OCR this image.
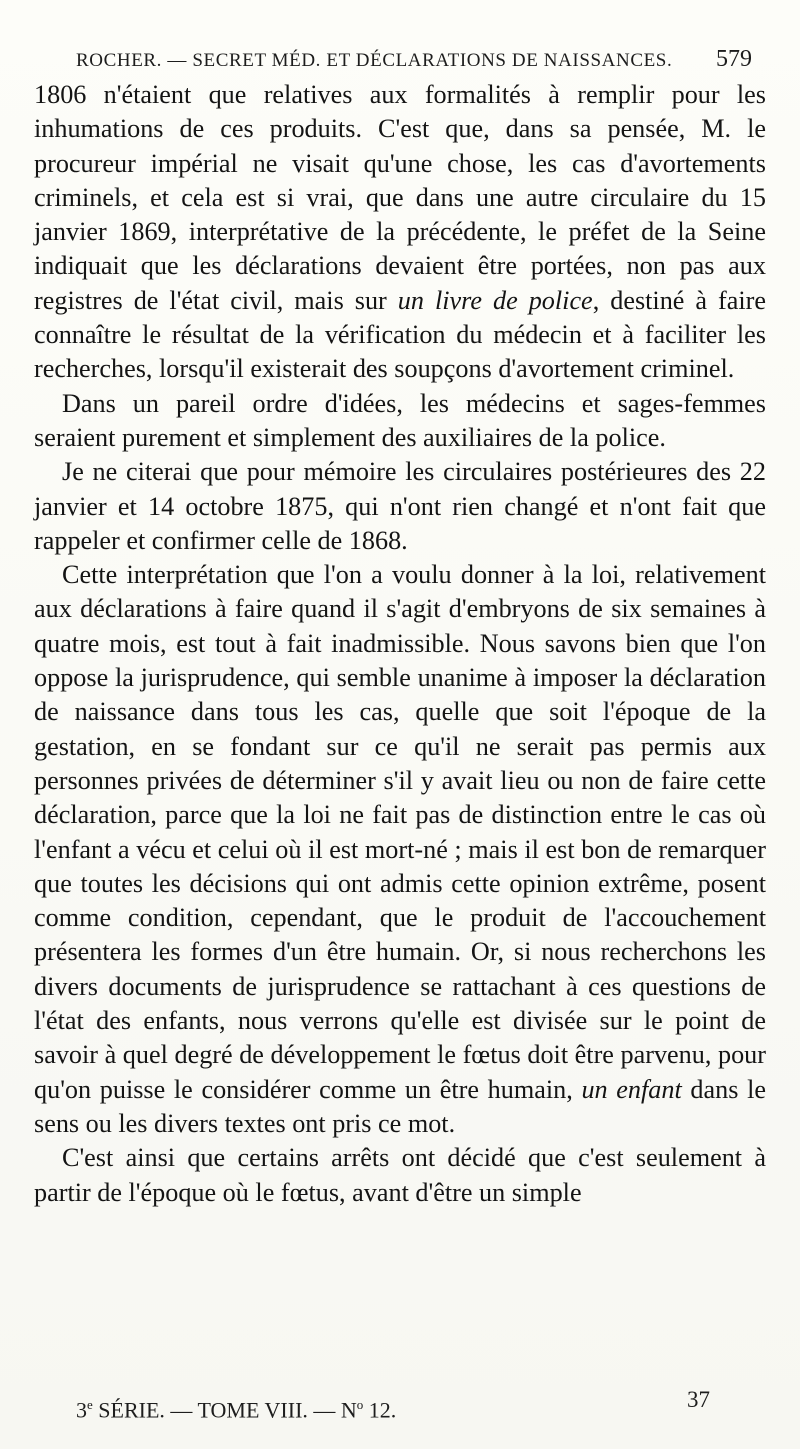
ROCHER. — SECRET MÉD. ET DÉCLARATIONS DE NAISSANCES. 579

1806 n'étaient que relatives aux formalités à remplir pour les inhumations de ces produits. C'est que, dans sa pensée, M. le procureur impérial ne visait qu'une chose, les cas d'avortements criminels, et cela est si vrai, que dans une autre circulaire du 15 janvier 1869, interprétative de la précédente, le préfet de la Seine indiquait que les déclarations devaient être portées, non pas aux registres de l'état civil, mais sur un livre de police, destiné à faire connaître le résultat de la vérification du médecin et à faciliter les recherches, lorsqu'il existerait des soupçons d'avortement criminel.

Dans un pareil ordre d'idées, les médecins et sages-femmes seraient purement et simplement des auxiliaires de la police.

Je ne citerai que pour mémoire les circulaires postérieures des 22 janvier et 14 octobre 1875, qui n'ont rien changé et n'ont fait que rappeler et confirmer celle de 1868.

Cette interprétation que l'on a voulu donner à la loi, relativement aux déclarations à faire quand il s'agit d'embryons de six semaines à quatre mois, est tout à fait inadmissible. Nous savons bien que l'on oppose la jurisprudence, qui semble unanime à imposer la déclaration de naissance dans tous les cas, quelle que soit l'époque de la gestation, en se fondant sur ce qu'il ne serait pas permis aux personnes privées de déterminer s'il y avait lieu ou non de faire cette déclaration, parce que la loi ne fait pas de distinction entre le cas où l'enfant a vécu et celui où il est mort-né ; mais il est bon de remarquer que toutes les décisions qui ont admis cette opinion extrême, posent comme condition, cependant, que le produit de l'accouchement présentera les formes d'un être humain. Or, si nous recherchons les divers documents de jurisprudence se rattachant à ces questions de l'état des enfants, nous verrons qu'elle est divisée sur le point de savoir à quel degré de développement le fœtus doit être parvenu, pour qu'on puisse le considérer comme un être humain, un enfant dans le sens ou les divers textes ont pris ce mot.

C'est ainsi que certains arrêts ont décidé que c'est seulement à partir de l'époque où le fœtus, avant d'être un simple

3e SÉRIE. — TOME VIII. — $N^o$ 12.	37
